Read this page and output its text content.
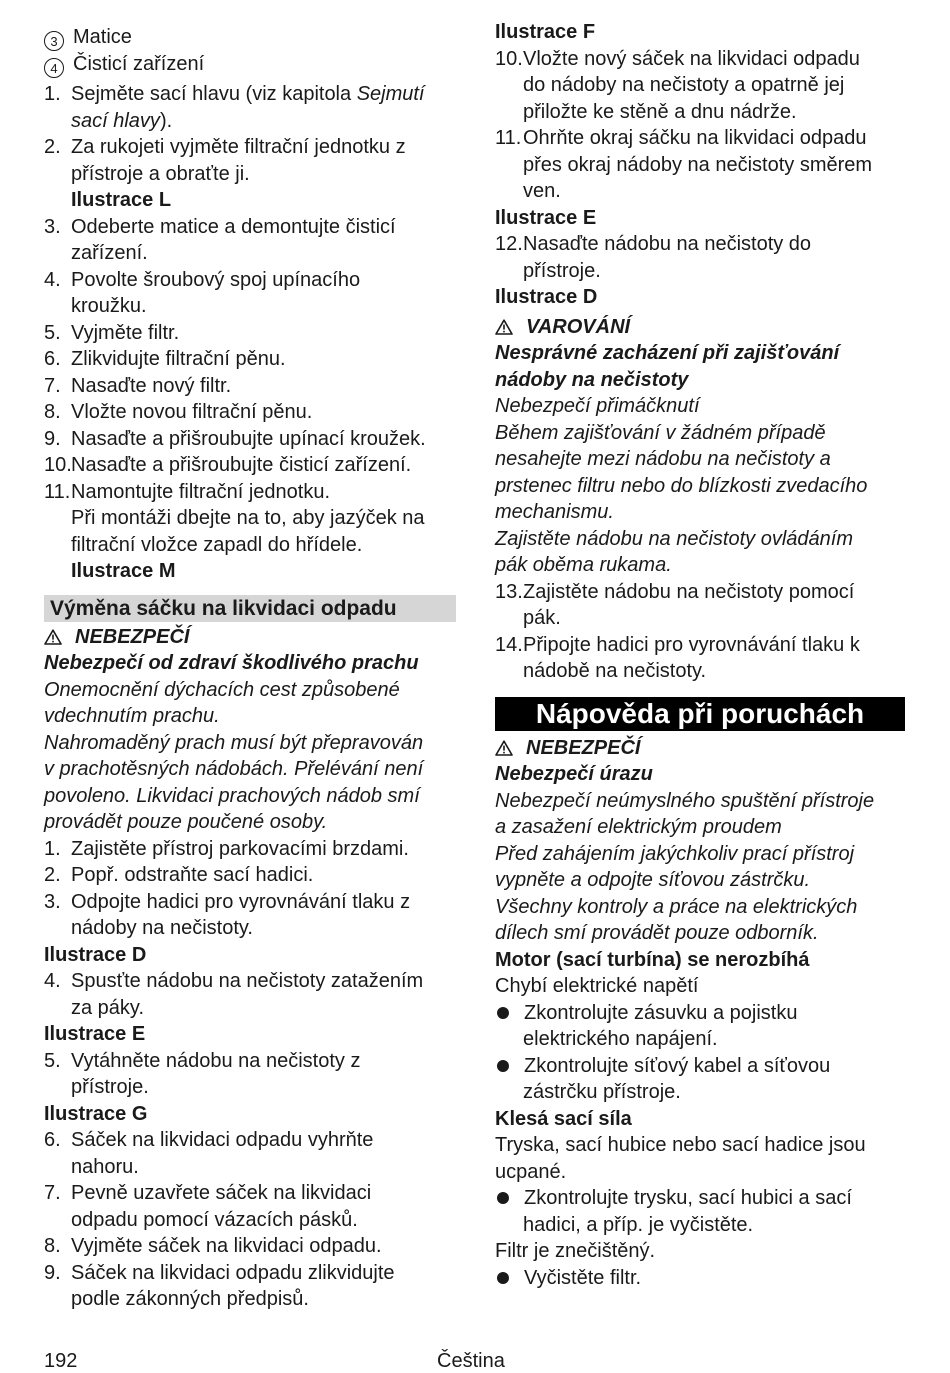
3 Matice
4 Čisticí zařízení
1. Sejměte sací hlavu (viz kapitola Sejmutí
sací hlavy).
2. Za rukojeti vyjměte filtrační jednotku z
přístroje a obraťte ji.
Ilustrace L
3. Odeberte matice a demontujte čisticí
zařízení.
4. Povolte šroubový spoj upínacího
kroužku.
5. Vyjměte filtr.
6. Zlikvidujte filtrační pěnu.
7. Nasaďte nový filtr.
8. Vložte novou filtrační pěnu.
9. Nasaďte a přišroubujte upínací kroužek.
10.Nasaďte a přišroubujte čisticí zařízení.
11.Namontujte filtrační jednotku.
Při montáži dbejte na to, aby jazýček na
filtrační vložce zapadl do hřídele.
Ilustrace M
Výměna sáčku na likvidaci odpadu
NEBEZPEČÍ
Nebezpečí od zdraví škodlivého prachu
Onemocnění dýchacích cest způsobené
vdechnutím prachu.
Nahromaděný prach musí být přepravován
v prachotěsných nádobách. Přelévání není
povoleno. Likvidaci prachových nádob smí
provádět pouze poučené osoby.
1. Zajistěte přístroj parkovacími brzdami.
2. Popř. odstraňte sací hadici.
3. Odpojte hadici pro vyrovnávání tlaku z
nádoby na nečistoty.
Ilustrace D
4. Spusťte nádobu na nečistoty zatažením
za páky.
Ilustrace E
5. Vytáhněte nádobu na nečistoty z
přístroje.
Ilustrace G
6. Sáček na likvidaci odpadu vyhrňte
nahoru.
7. Pevně uzavřete sáček na likvidaci
odpadu pomocí vázacích pásků.
8. Vyjměte sáček na likvidaci odpadu.
9. Sáček na likvidaci odpadu zlikvidujte
podle zákonných předpisů.
Ilustrace F
10.Vložte nový sáček na likvidaci odpadu
do nádoby na nečistoty a opatrně jej
přiložte ke stěně a dnu nádrže.
11.Ohrňte okraj sáčku na likvidaci odpadu
přes okraj nádoby na nečistoty směrem
ven.
Ilustrace E
12.Nasaďte nádobu na nečistoty do
přístroje.
Ilustrace D
VAROVÁNÍ
Nesprávné zacházení při zajišťování
nádoby na nečistoty
Nebezpečí přimáčknutí
Během zajišťování v žádném případě
nesahejte mezi nádobu na nečistoty a
prstenec filtru nebo do blízkosti zvedacího
mechanismu.
Zajistěte nádobu na nečistoty ovládáním
pák oběma rukama.
13.Zajistěte nádobu na nečistoty pomocí
pák.
14.Připojte hadici pro vyrovnávání tlaku k
nádobě na nečistoty.
Nápověda při poruchách
NEBEZPEČÍ
Nebezpečí úrazu
Nebezpečí neúmyslného spuštění přístroje
a zasažení elektrickým proudem
Před zahájením jakýchkoliv prací přístroj
vypněte a odpojte síťovou zástrčku.
Všechny kontroly a práce na elektrických
dílech smí provádět pouze odborník.
Motor (sací turbína) se nerozbíhá
Chybí elektrické napětí
Zkontrolujte zásuvku a pojistku
elektrického napájení.
Zkontrolujte síťový kabel a síťovou
zástrčku přístroje.
Klesá sací síla
Tryska, sací hubice nebo sací hadice jsou
ucpané.
Zkontrolujte trysku, sací hubici a sací
hadici, a příp. je vyčistěte.
Filtr je znečištěný.
Vyčistěte filtr.
192	Čeština
